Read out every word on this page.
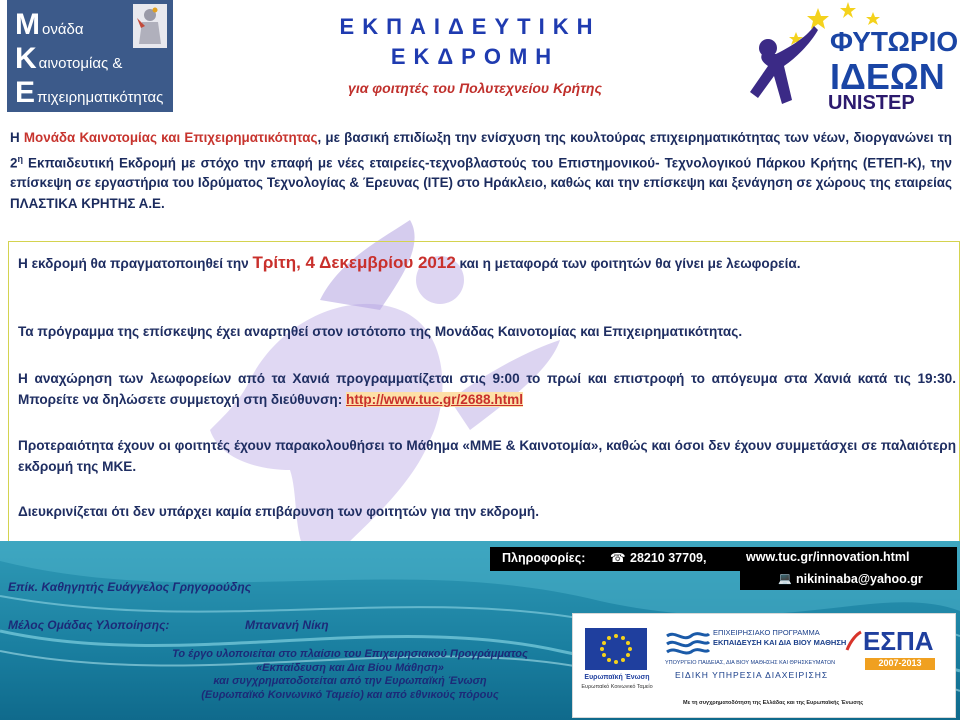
Μονάδα
Καινοτομίας &
Επιχειρηματικότητας
ΕΚΠΑΙΔΕΥΤΙΚΗ
ΕΚΔΡΟΜΗ
για φοιτητές του Πολυτεχνείου Κρήτης
ΦΥΤΩΡΙΟ
ΙΔΕΩΝ
UNISTEP
Η Μονάδα Καινοτομίας και Επιχειρηματικότητας, με βασική επιδίωξη την ενίσχυση της κουλτούρας επιχειρηματικότητας των νέων, διοργανώνει τη $2^\eta$ Εκπαιδευτική Εκδρομή με στόχο την επαφή με νέες εταιρείες-τεχνοβλαστούς του Επιστημονικού- Τεχνολογικού Πάρκου Κρήτης (ΕΤΕΠ-Κ), την επίσκεψη σε εργαστήρια του Ιδρύματος Τεχνολογίας & Έρευνας (ΙΤΕ) στο Ηράκλειο, καθώς και την επίσκεψη και ξενάγηση σε χώρους της εταιρείας ΠΛΑΣΤΙΚΑ ΚΡΗΤΗΣ Α.Ε.
Η εκδρομή θα πραγματοποιηθεί την Τρίτη, 4 Δεκεμβρίου 2012 και η μεταφορά των φοιτητών θα γίνει με λεωφορεία.
Τα πρόγραμμα της επίσκεψης έχει αναρτηθεί στον ιστότοπο της Μονάδας Καινοτομίας και Επιχειρηματικότητας.
Η αναχώρηση των λεωφορείων από τα Χανιά προγραμματίζεται στις 9:00 το πρωί και επιστροφή το απόγευμα στα Χανιά κατά τις 19:30. Μπορείτε να δηλώσετε συμμετοχή στη διεύθυνση: http://www.tuc.gr/2688.html
Προτεραιότητα έχουν οι φοιτητές έχουν παρακολουθήσει το Μάθημα «ΜΜΕ & Καινοτομία», καθώς και όσοι δεν έχουν συμμετάσχει σε παλαιότερη εκδρομή της ΜΚΕ.
Διευκρινίζεται ότι δεν υπάρχει καμία επιβάρυνση των φοιτητών για την εκδρομή.
Πληροφορίες: ☎ 28210 37709,	www.tuc.gr/innovation.html
💻 nikininaba@yahoo.gr
Επίκ. Καθηγητής Ευάγγελος Γρηγορούδης
Μέλος Ομάδας Υλοποίησης:	Μπανανή Νίκη
Το έργο υλοποιείται στο πλαίσιο του Επιχειρησιακού Προγράμματος
«Εκπαίδευση και Δια Βίου Μάθηση»
και συγχρηματοδοτείται από την Ευρωπαϊκή Ένωση
(Ευρωπαϊκό Κοινωνικό Ταμείο) και από εθνικούς πόρους
Ευρωπαϊκή Ένωση
Ευρωπαϊκό Κοινωνικό Ταμείο
ΕΠΙΧΕΙΡΗΣΙΑΚΟ ΠΡΟΓΡΑΜΜΑ
ΕΚΠΑΙΔΕΥΣΗ ΚΑΙ ΔΙΑ ΒΙΟΥ ΜΑΘΗΣΗ
ΥΠΟΥΡΓΕΙΟ ΠΑΙΔΕΙΑΣ, ΔΙΑ ΒΙΟΥ ΜΑΘΗΣΗΣ ΚΑΙ ΘΡΗΣΚΕΥΜΑΤΩΝ
ΕΙΔΙΚΗ ΥΠΗΡΕΣΙΑ ΔΙΑΧΕΙΡΙΣΗΣ
ΕΣΠΑ
2007-2013
Με τη συγχρηματοδότηση της Ελλάδας και της Ευρωπαϊκής Ένωσης
